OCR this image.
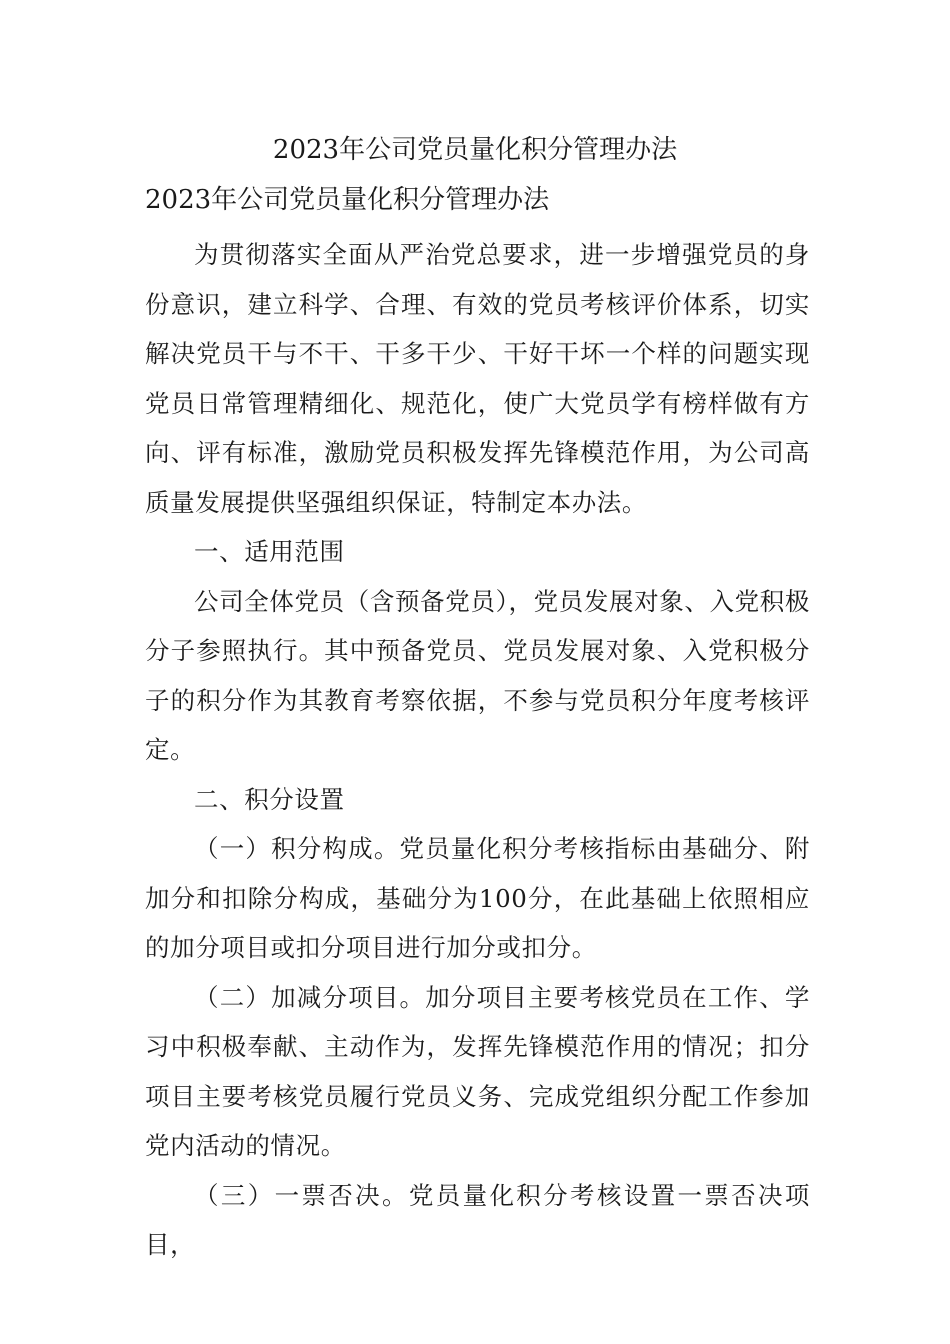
2023年公司党员量化积分管理办法
2023年公司党员量化积分管理办法

为贯彻落实全面从严治党总要求，进一步增强党员的身份意识，建立科学、合理、有效的党员考核评价体系，切实解决党员干与不干、干多干少、干好干坏一个样的问题实现党员日常管理精细化、规范化，使广大党员学有榜样做有方向、评有标准，激励党员积极发挥先锋模范作用，为公司高质量发展提供坚强组织保证，特制定本办法。

一、适用范围

公司全体党员（含预备党员），党员发展对象、入党积极分子参照执行。其中预备党员、党员发展对象、入党积极分子的积分作为其教育考察依据，不参与党员积分年度考核评定。

二、积分设置

（一）积分构成。党员量化积分考核指标由基础分、附加分和扣除分构成，基础分为100分，在此基础上依照相应的加分项目或扣分项目进行加分或扣分。

（二）加减分项目。加分项目主要考核党员在工作、学习中积极奉献、主动作为，发挥先锋模范作用的情况；扣分项目主要考核党员履行党员义务、完成党组织分配工作参加党内活动的情况。

（三）一票否决。党员量化积分考核设置一票否决项目，
